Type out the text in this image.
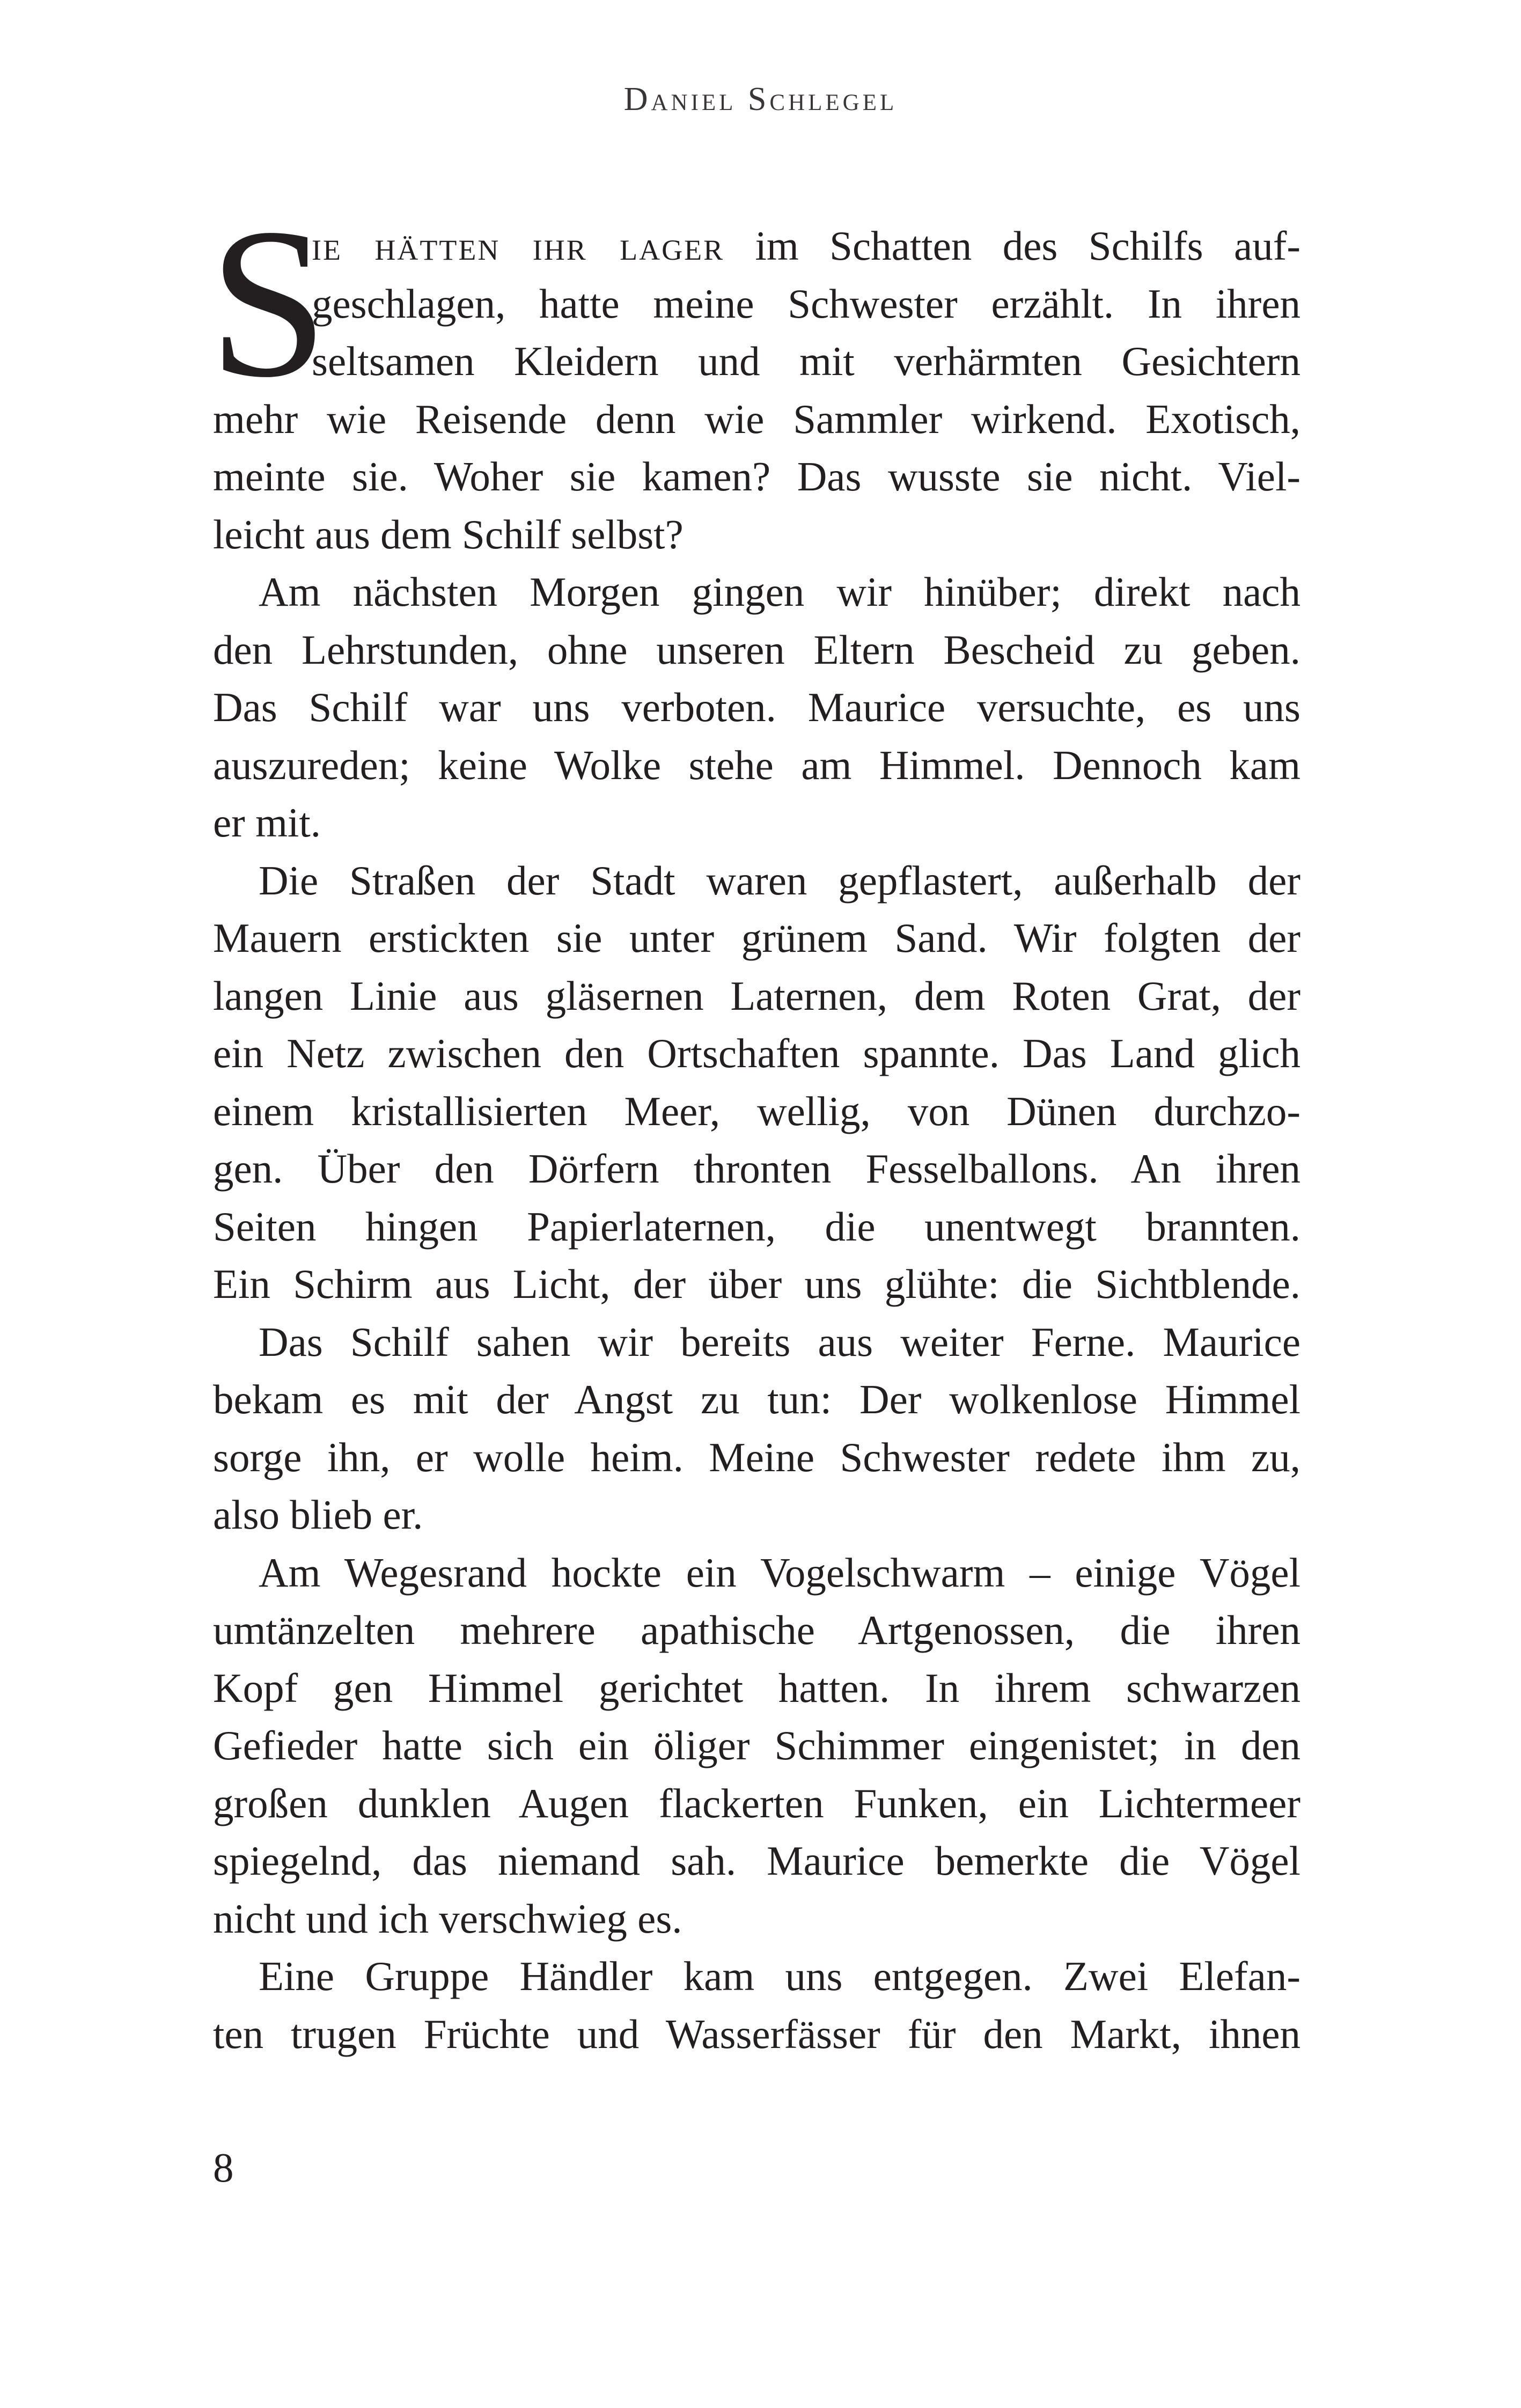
Daniel Schlegel
S
ie hätten ihr lager im Schatten des Schilfs auf-
geschlagen, hatte meine Schwester erzählt. In ihren
seltsamen Kleidern und mit verhärmten Gesichtern
mehr wie Reisende denn wie Sammler wirkend. Exotisch,
meinte sie. Woher sie kamen? Das wusste sie nicht. Viel-
leicht aus dem Schilf selbst?
Am nächsten Morgen gingen wir hinüber; direkt nach
den Lehrstunden, ohne unseren Eltern Bescheid zu geben.
Das Schilf war uns verboten. Maurice versuchte, es uns
auszureden; keine Wolke stehe am Himmel. Dennoch kam
er mit.
Die Straßen der Stadt waren gepflastert, außerhalb der
Mauern erstickten sie unter grünem Sand. Wir folgten der
langen Linie aus gläsernen Laternen, dem Roten Grat, der
ein Netz zwischen den Ortschaften spannte. Das Land glich
einem kristallisierten Meer, wellig, von Dünen durchzo-
gen. Über den Dörfern thronten Fesselballons. An ihren
Seiten hingen Papierlaternen, die unentwegt brannten.
Ein Schirm aus Licht, der über uns glühte: die Sichtblende.
Das Schilf sahen wir bereits aus weiter Ferne. Maurice
bekam es mit der Angst zu tun: Der wolkenlose Himmel
sorge ihn, er wolle heim. Meine Schwester redete ihm zu,
also blieb er.
Am Wegesrand hockte ein Vogelschwarm – einige Vögel
umtänzelten mehrere apathische Artgenossen, die ihren
Kopf gen Himmel gerichtet hatten. In ihrem schwarzen
Gefieder hatte sich ein öliger Schimmer eingenistet; in den
großen dunklen Augen flackerten Funken, ein Lichtermeer
spiegelnd, das niemand sah. Maurice bemerkte die Vögel
nicht und ich verschwieg es.
Eine Gruppe Händler kam uns entgegen. Zwei Elefan-
ten trugen Früchte und Wasserfässer für den Markt, ihnen
8
